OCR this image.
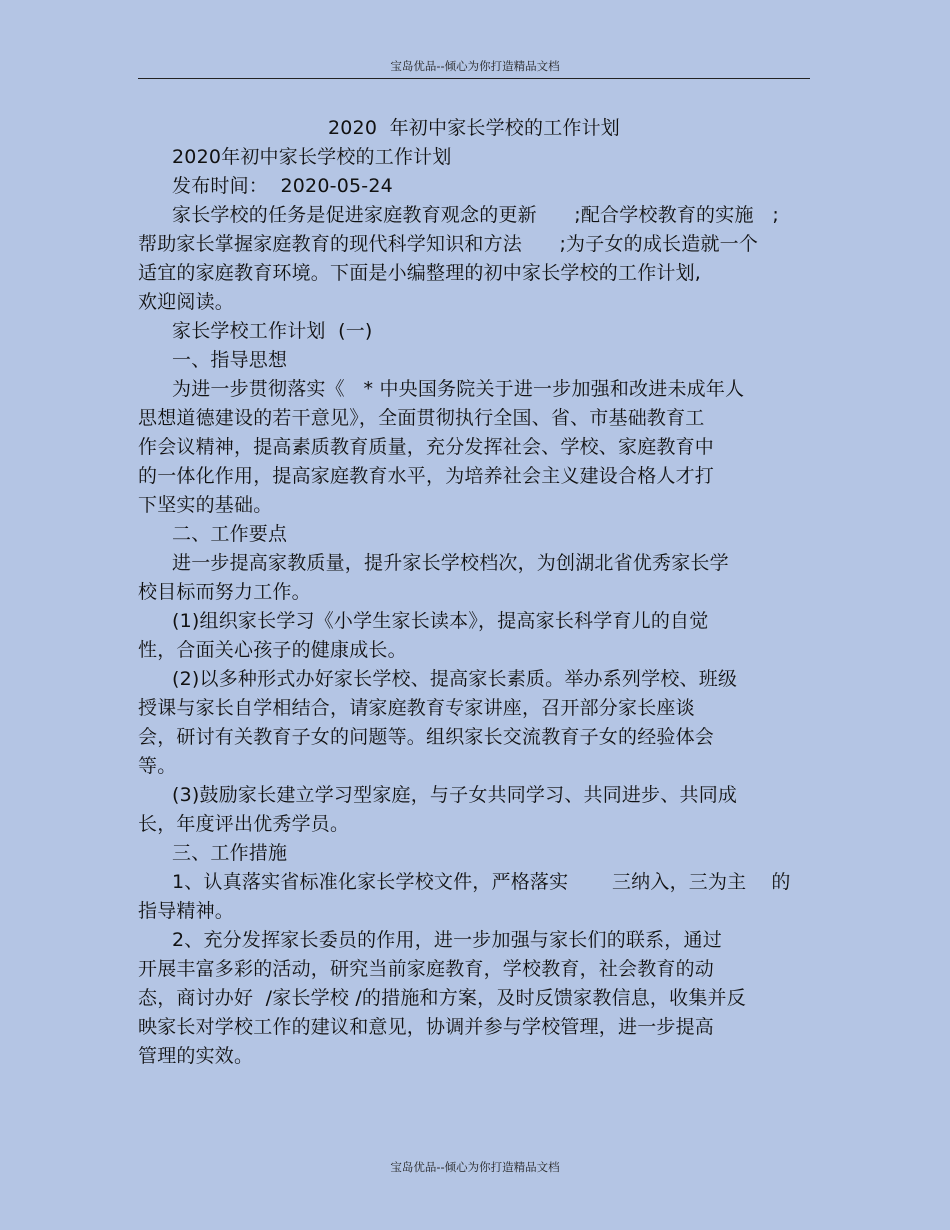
宝岛优品--倾心为你打造精品文档
2020  年初中家长学校的工作计划
2020年初中家长学校的工作计划
发布时间：  2020-05-24
家长学校的任务是促进家庭教育观念的更新      ;配合学校教育的实施   ;
帮助家长掌握家庭教育的现代科学知识和方法      ;为子女的成长造就一个
适宜的家庭教育环境。下面是小编整理的初中家长学校的工作计划,
欢迎阅读。
家长学校工作计划  (一)
一、指导思想
为进一步贯彻落实《   * 中央国务院关于进一步加强和改进未成年人
思想道德建设的若干意见》，全面贯彻执行全国、省、市基础教育工
作会议精神，提高素质教育质量，充分发挥社会、学校、家庭教育中
的一体化作用，提高家庭教育水平，为培养社会主义建设合格人才打
下坚实的基础。
二、工作要点
进一步提高家教质量，提升家长学校档次，为创湖北省优秀家长学
校目标而努力工作。
(1)组织家长学习《小学生家长读本》，提高家长科学育儿的自觉
性，合面关心孩子的健康成长。
(2)以多种形式办好家长学校、提高家长素质。举办系列学校、班级
授课与家长自学相结合，请家庭教育专家讲座，召开部分家长座谈
会，研讨有关教育子女的问题等。组织家长交流教育子女的经验体会
等。
(3)鼓励家长建立学习型家庭，与子女共同学习、共同进步、共同成
长，年度评出优秀学员。
三、工作措施
1、认真落实省标准化家长学校文件，严格落实       三纳入，三为主    的
指导精神。
2、充分发挥家长委员的作用，进一步加强与家长们的联系，通过
开展丰富多彩的活动，研究当前家庭教育，学校教育，社会教育的动
态，商讨办好  /家长学校 /的措施和方案，及时反馈家教信息，收集并反
映家长对学校工作的建议和意见，协调并参与学校管理，进一步提高
管理的实效。
宝岛优品--倾心为你打造精品文档
